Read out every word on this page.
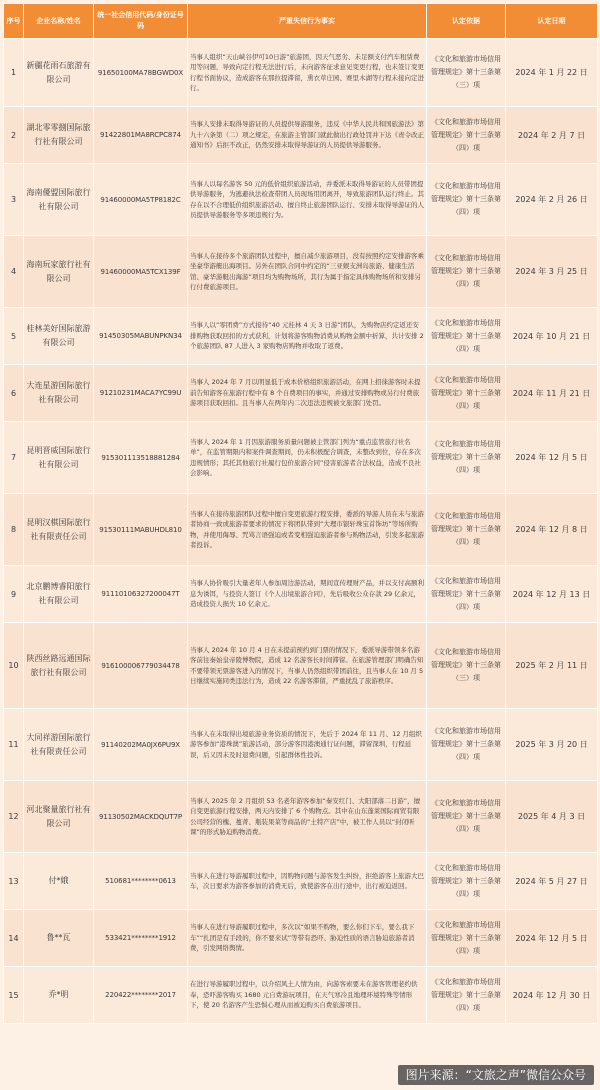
序号	企业名称/姓名	统一社会信用代码/身份证号码	严重失信行为事实	认定依据	认定日期
1	新疆花雨石旅游有限公司	91650100MA78BGWD0X	当事人组织“天山峡谷伊可10日游”旅游团，因天气恶劣、未足额支付汽车租赁费用等问题，导致向定行程无法进行后，未向游客征求意见变更行程，也未签订变更行程书面协议，造成游客在那拉提滞留，熏衣草庄园、赛里木湖等行程未接向定进行。	《文化和旅游市场信用管理规定》第十三条第（三）项	2024 年 1 月 22 日
2	湖北零零捌国际旅行社有限公司	91422801MA8RCPC874	当事人安排未取得导游证的人员提供导游服务，违反《中华人民共和国旅游法》第九十六条第（二）项之规定，在旅游主管部门就此做出行政处罚并下达《责令改正通知书》后拒不改正，仍然安排未取得导游证的人员提供导游服务。	《文化和旅游市场信用管理规定》第十三条第（四）项	2024 年 2 月 7 日
3	海南優盟国际旅行社有限公司	91460000MA5TP8182C	当事人以每名游客 50 元的低价组织旅游活动，并委派未取得导游证的人员带团提供导游服务，为逃避执法检查带团人员现场用团离开，导致旅游团队运行终止。其存在以不合理低价组织旅游活动、擅自终止旅游团队运行、安排未取得导游证的人员提供导游服务等多项违规行为。	《文化和旅游市场信用管理规定》第十三条第（四）项	2024 年 2 月 26 日
4	海南玩家旅行社有限公司	91460000MA5TCX139F	当事人在接待多个旅游团队过程中，擅自减少旅游项目，没有按照约定安排游客乘坐豪华游艇出海项目。另外在团队合同中约定的“三亚蜈支洲岛旅游、健康生活馆、豪华游艇出海游”项目均为购物场所，其行为属于指定具体购物场所和安排另行付费旅游项目。	《文化和旅游市场信用管理规定》第十三条第（四）项	2024 年 3 月 25 日
5	桂林美好国际旅游有限公司	91450305MABUNPKN34	当事人以“零团费”方式接待“40 元桂林 4 天 3 日游”团队，为购物店约定返还安排购物获取回扣的方式获利，计划将游客购物消费从购物金额中折算，共计安排 2 个旅游团队 87 人进入 3 家购物店购物并收取了返费。	《文化和旅游市场信用管理规定》第十三条第（四）项	2024 年 10 月 21 日
6	大连星游国际旅行社有限公司	91210231MACA7YC99U	当事人 2024 年 7 月以明显低于成本价格组织旅游活动，在网上招徕游客时未提前告知游客在旅游行程中有 8 个自费项目的事实，并通过安排购物或另行付费旅游项目获取回扣。且当事人在两年内二次违法违规被文旅部门处罚。	《文化和旅游市场信用管理规定》第十三条第（四）项	2024 年 11 月 21 日
7	昆明晋威国际旅行社有限公司	91530111351888128​4	当事人 2024 年 1 月因旅游服务质量问题被主管部门列为“重点监管旅行社名单”，在监管期限内和案件调查期间，仍未积极配合调查，未整改到位，存在多次违规情形；其托其他旅行社履行包价旅游合同”侵害旅游者合法权益，造成不良社会影响。	《文化和旅游市场信用管理规定》第十三条第（四）项	2024 年 12 月 5 日
8	昆明汉棋国际旅行社有限责任公司	91530111MABUHDL810	当事人在接待旅游团队过程中擅自变更旅游行程安排，委派的导游人员在未与旅游者协商一致或旅游者要求的情况下将团队带到“大理市银轩珠宝首饰坊”等场所购物，并使用侮辱、咒骂言语强迫或者变相强迫旅游者参与购物活动，引发多起旅游者投诉。	《文化和旅游市场信用管理规定》第十三条第（四）项	2024 年 12 月 8 日
9	北京鹏博睿阳旅行社有限公司	91110106327200047T	当事人协价吸引大量老年人参加周边游活动，期间宣传理财产品，并以支付高额利息为诱饵，与投资人签订《个人出境旅游合同》，先后吸收公众存款 29 亿余元，造成投资人损失 10 亿余元。	《文化和旅游市场信用管理规定》第十三条第（四）项	2024 年 12 月 13 日
10	陕西丝路远通国际旅行社有限公司	91610000677903447​8	当事人 2024 年 10 月 4 日在未提前预约到门票的情况下，委派导游带领多名游客前往秦始皇帝陵博物院，造成 12 名游客长时间滞留。在旅游管理部门明确告知不要带领无票游客进入的情况下，当事人仍然组织带团前往，且当事人在 10 月 5 日继续实施同类违法行为，造成 22 名游客滞留，严重扰乱了旅游秩序。	《文化和旅游市场信用管理规定》第十三条第（三）项	2025 年 2 月 11 日
11	大同祥游国际旅行社有限责任公司	91140202MA0JX6PU9X	当事人在未取得出境旅游业务资质的情况下，先后于 2024 年 11 月、12 月组织游客参加“港珠澳”旅游活动，部分游客因港澳通行证问题，滞留深圳，行程延误，后又因未及时退费问题，引起群体性投诉。	《文化和旅游市场信用管理规定》第十三条第（四）项	2025 年 3 月 20 日
12	河北聚量旅行社有限公司	91130502MACKDQUT7P	当事人 2025 年 2 月组织 53 名老年游客参加“秦安红门、大阳部落二日游”，擅自变更旅游行程安排，两天内安排了 6 个购物点。其中在山东蓬莱国际商贸有限公司经营的槐、蔓菁、瓶装果菜等商品的“土特产店”中，被工作人员以“封闭听课”的形式胁迫购物消费。	《文化和旅游市场信用管理规定》第十三条第（四）项	2025 年 4 月 3 日
13	付*娥	510681********0613	当事人在进行导游履职过程中，因购物问题与游客发生纠纷，拒绝游客上旅游大巴车，次日要求为游客参加的消费无后，致使游客在出行途中，出行被迫返回。	《文化和旅游市场信用管理规定》第十三条第（四）项	2024 年 5 月 27 日
14	鲁**瓦	533421********1912	当事人在进行导游履职过程中，多次以“如果不购物，要么你们下车，要么我下车”“扎团是有手段的，你不要来试”等带有恐吓、胁迫性质的语言胁迫旅游者消费，引发网络舆情。	《文化和旅游市场信用管理规定》第十三条第（四）项	2024 年 12 月 5 日
15	乔*明	220422********2017	在进行导游履职过程中，以介绍风土人情为由，向游客索要未在游客管理老约供奉，恐吓游客购买 1680 元自费游玩项目，在天气寒冷且地理环境特殊等情形下，使 20 名游客产生恐惧心理从而被迫购买自费旅游项目。	《文化和旅游市场信用管理规定》第十三条第（四）项	2024 年 12 月 30 日
图片来源：“文旅之声”微信公众号
